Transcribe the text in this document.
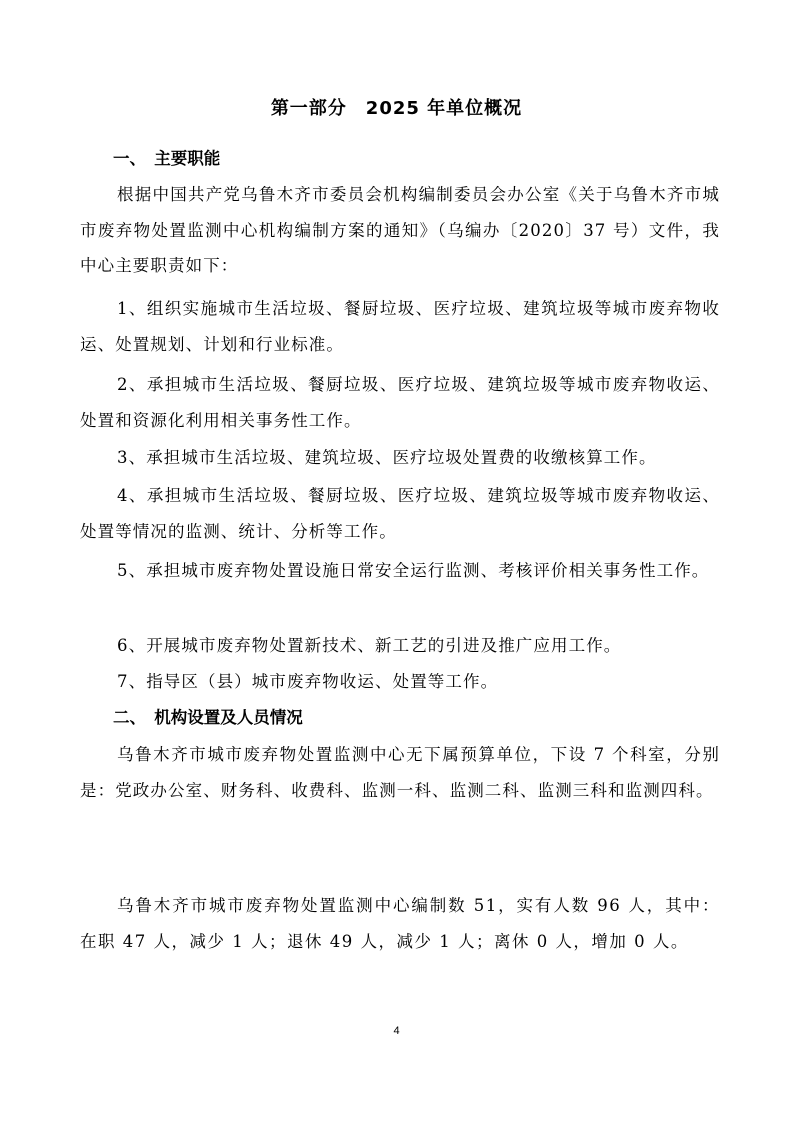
第一部分　2025 年单位概况
一、　主要职能
根据中国共产党乌鲁木齐市委员会机构编制委员会办公室《关于乌鲁木齐市城市废弃物处置监测中心机构编制方案的通知》（乌编办〔2020〕37 号）文件，我中心主要职责如下：
1、组织实施城市生活垃圾、餐厨垃圾、医疗垃圾、建筑垃圾等城市废弃物收运、处置规划、计划和行业标准。
2、承担城市生活垃圾、餐厨垃圾、医疗垃圾、建筑垃圾等城市废弃物收运、处置和资源化利用相关事务性工作。
3、承担城市生活垃圾、建筑垃圾、医疗垃圾处置费的收缴核算工作。
4、承担城市生活垃圾、餐厨垃圾、医疗垃圾、建筑垃圾等城市废弃物收运、处置等情况的监测、统计、分析等工作。
5、承担城市废弃物处置设施日常安全运行监测、考核评价相关事务性工作。
6、开展城市废弃物处置新技术、新工艺的引进及推广应用工作。
7、指导区（县）城市废弃物收运、处置等工作。
二、　机构设置及人员情况
乌鲁木齐市城市废弃物处置监测中心无下属预算单位，下设 7 个科室，分别是：党政办公室、财务科、收费科、监测一科、监测二科、监测三科和监测四科。
乌鲁木齐市城市废弃物处置监测中心编制数 51，实有人数 96 人，其中：在职 47 人，减少 1 人；退休 49 人，减少 1 人；离休 0 人，增加 0 人。
4
